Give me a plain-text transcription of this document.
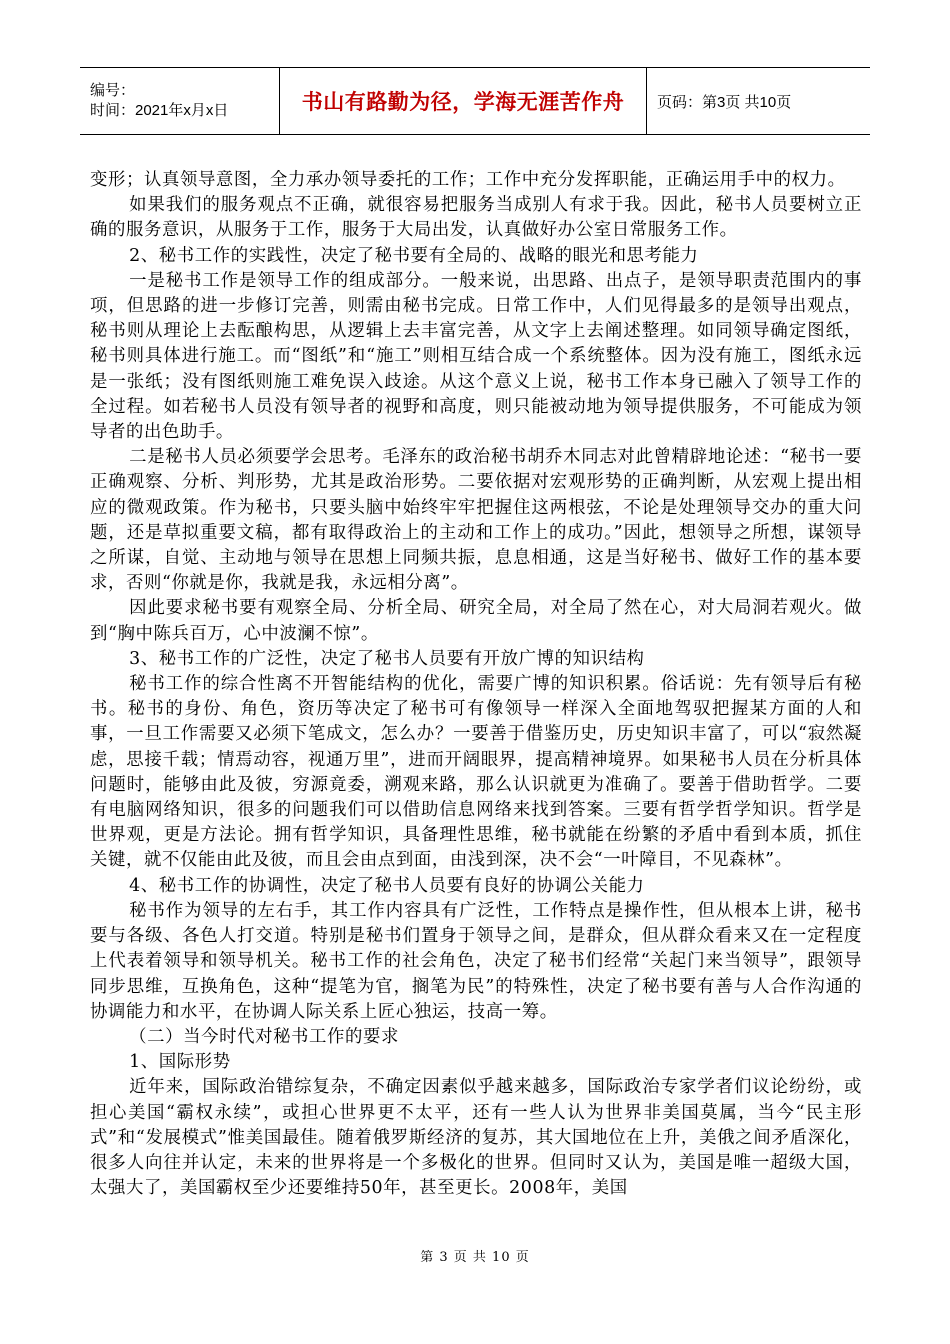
编号：
时间：2021年x月x日	书山有路勤为径，学海无涯苦作舟	页码：第3页 共10页

变形；认真领导意图，全力承办领导委托的工作；工作中充分发挥职能，正确运用手中的权力。

如果我们的服务观点不正确，就很容易把服务当成别人有求于我。因此，秘书人员要树立正确的服务意识，从服务于工作，服务于大局出发，认真做好办公室日常服务工作。

2、秘书工作的实践性，决定了秘书要有全局的、战略的眼光和思考能力

一是秘书工作是领导工作的组成部分。一般来说，出思路、出点子，是领导职责范围内的事项，但思路的进一步修订完善，则需由秘书完成。日常工作中，人们见得最多的是领导出观点，秘书则从理论上去酝酿构思，从逻辑上去丰富完善，从文字上去阐述整理。如同领导确定图纸，秘书则具体进行施工。而“图纸”和“施工”则相互结合成一个系统整体。因为没有施工，图纸永远是一张纸；没有图纸则施工难免误入歧途。从这个意义上说，秘书工作本身已融入了领导工作的全过程。如若秘书人员没有领导者的视野和高度，则只能被动地为领导提供服务，不可能成为领导者的出色助手。

二是秘书人员必须要学会思考。毛泽东的政治秘书胡乔木同志对此曾精辟地论述：“秘书一要正确观察、分析、判形势，尤其是政治形势。二要依据对宏观形势的正确判断，从宏观上提出相应的微观政策。作为秘书，只要头脑中始终牢牢把握住这两根弦，不论是处理领导交办的重大问题，还是草拟重要文稿，都有取得政治上的主动和工作上的成功。”因此，想领导之所想，谋领导之所谋，自觉、主动地与领导在思想上同频共振，息息相通，这是当好秘书、做好工作的基本要求，否则“你就是你，我就是我，永远相分离”。

因此要求秘书要有观察全局、分析全局、研究全局，对全局了然在心，对大局洞若观火。做到“胸中陈兵百万，心中波澜不惊”。

3、秘书工作的广泛性，决定了秘书人员要有开放广博的知识结构

秘书工作的综合性离不开智能结构的优化，需要广博的知识积累。俗话说：先有领导后有秘书。秘书的身份、角色，资历等决定了秘书可有像领导一样深入全面地驾驭把握某方面的人和事，一旦工作需要又必须下笔成文，怎么办？一要善于借鉴历史，历史知识丰富了，可以“寂然凝虑，思接千载；情焉动容，视通万里”，进而开阔眼界，提高精神境界。如果秘书人员在分析具体问题时，能够由此及彼，穷源竟委，溯观来路，那么认识就更为准确了。要善于借助哲学。二要有电脑网络知识，很多的问题我们可以借助信息网络来找到答案。三要有哲学哲学知识。哲学是世界观，更是方法论。拥有哲学知识，具备理性思维，秘书就能在纷繁的矛盾中看到本质，抓住关键，就不仅能由此及彼，而且会由点到面，由浅到深，决不会“一叶障目，不见森林”。

4、秘书工作的协调性，决定了秘书人员要有良好的协调公关能力

秘书作为领导的左右手，其工作内容具有广泛性，工作特点是操作性，但从根本上讲，秘书要与各级、各色人打交道。特别是秘书们置身于领导之间，是群众，但从群众看来又在一定程度上代表着领导和领导机关。秘书工作的社会角色，决定了秘书们经常“关起门来当领导”，跟领导同步思维，互换角色，这种“提笔为官，搁笔为民”的特殊性，决定了秘书要有善与人合作沟通的协调能力和水平，在协调人际关系上匠心独运，技高一筹。

（二）当今时代对秘书工作的要求

1、国际形势

近年来，国际政治错综复杂，不确定因素似乎越来越多，国际政治专家学者们议论纷纷，或担心美国“霸权永续”，或担心世界更不太平，还有一些人认为世界非美国莫属，当今“民主形式”和“发展模式”惟美国最佳。随着俄罗斯经济的复苏，其大国地位在上升，美俄之间矛盾深化，很多人向往并认定，未来的世界将是一个多极化的世界。但同时又认为，美国是唯一超级大国，太强大了，美国霸权至少还要维持50年，甚至更长。2008年，美国

第 3 页 共 10 页
